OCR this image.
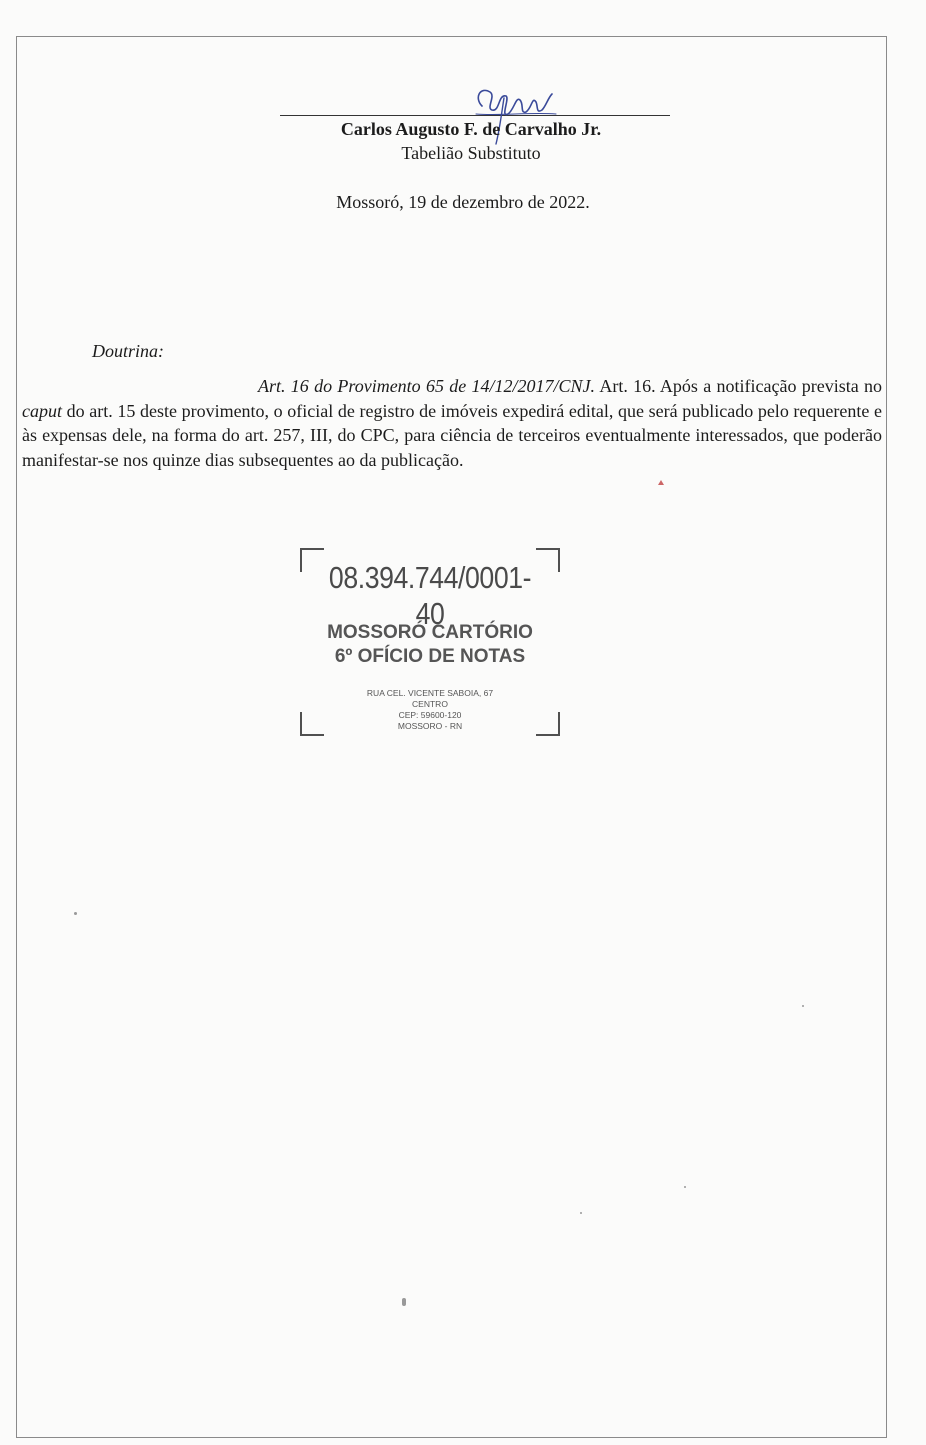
Carlos Augusto F. de Carvalho Jr.
Tabelião Substituto
Mossoró, 19 de dezembro de 2022.
Doutrina:
Art. 16 do Provimento 65 de 14/12/2017/CNJ. Art. 16. Após a notificação prevista no caput do art. 15 deste provimento, o oficial de registro de imóveis expedirá edital, que será publicado pelo requerente e às expensas dele, na forma do art. 257, III, do CPC, para ciência de terceiros eventualmente interessados, que poderão manifestar-se nos quinze dias subsequentes ao da publicação.
08.394.744/0001-40
MOSSORÓ CARTÓRIO
6º OFÍCIO DE NOTAS
RUA CEL. VICENTE SABOIA, 67
CENTRO
CEP: 59600-120
MOSSORO - RN
